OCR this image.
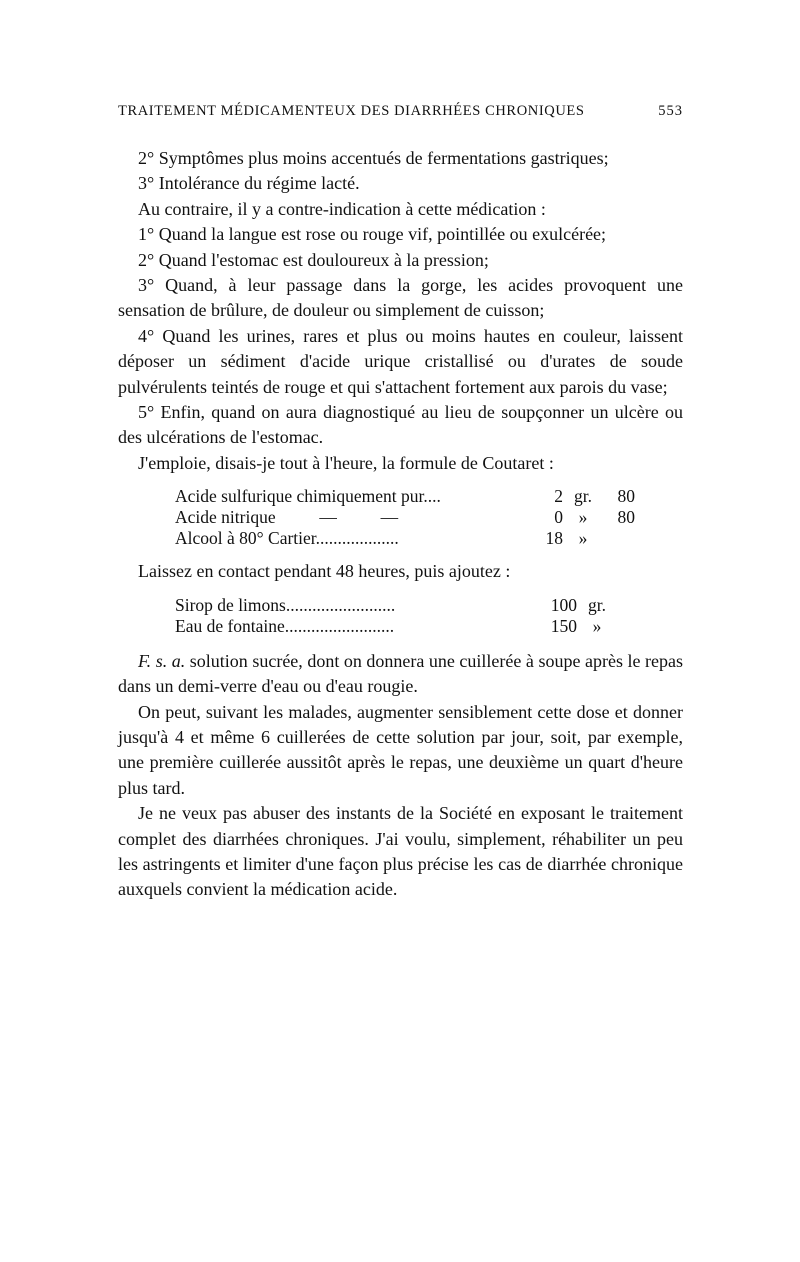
TRAITEMENT MÉDICAMENTEUX DES DIARRHÉES CHRONIQUES	553

2° Symptômes plus moins accentués de fermentations gastriques;

3° Intolérance du régime lacté.

Au contraire, il y a contre-indication à cette médication :

1° Quand la langue est rose ou rouge vif, pointillée ou exulcérée;

2° Quand l'estomac est douloureux à la pression;

3° Quand, à leur passage dans la gorge, les acides provoquent une sensation de brûlure, de douleur ou simplement de cuisson;

4° Quand les urines, rares et plus ou moins hautes en couleur, laissent déposer un sédiment d'acide urique cristallisé ou d'urates de soude pulvérulents teintés de rouge et qui s'attachent fortement aux parois du vase;

5° Enfin, quand on aura diagnostiqué au lieu de soupçonner un ulcère ou des ulcérations de l'estomac.

J'emploie, disais-je tout à l'heure, la formule de Coutaret :

Acide sulfurique chimiquement pur....	2 gr.	80
Acide nitrique          —          —	0 »	80
Alcool à 80° Cartier...................	18 »

Laissez en contact pendant 48 heures, puis ajoutez :

Sirop de limons.........................	100 gr.
Eau de fontaine.........................	150 »

F. s. a. solution sucrée, dont on donnera une cuillerée à soupe après le repas dans un demi-verre d'eau ou d'eau rougie.

On peut, suivant les malades, augmenter sensiblement cette dose et donner jusqu'à 4 et même 6 cuillerées de cette solution par jour, soit, par exemple, une première cuillerée aussitôt après le repas, une deuxième un quart d'heure plus tard.

Je ne veux pas abuser des instants de la Société en exposant le traitement complet des diarrhées chroniques. J'ai voulu, simplement, réhabiliter un peu les astringents et limiter d'une façon plus précise les cas de diarrhée chronique auxquels convient la médication acide.
